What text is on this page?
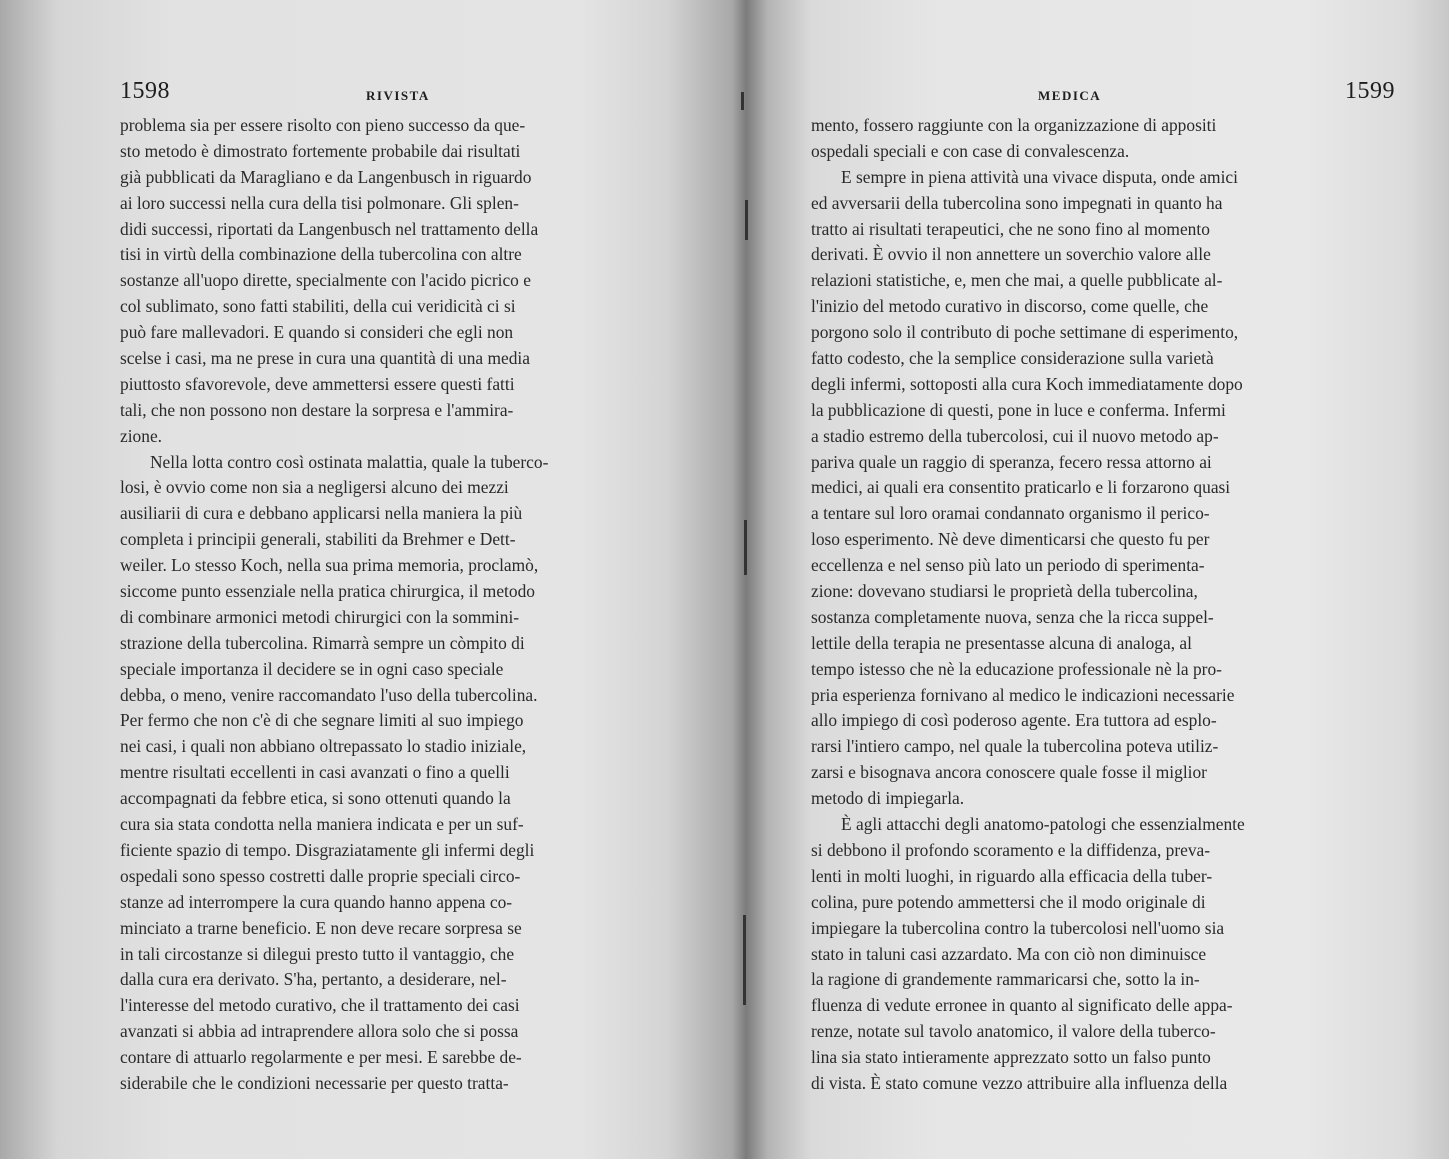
1598	RIVISTA
problema sia per essere risolto con pieno successo da que-
sto metodo è dimostrato fortemente probabile dai risultati
già pubblicati da Maragliano e da Langenbusch in riguardo
ai loro successi nella cura della tisi polmonare. Gli splen-
didi successi, riportati da Langenbusch nel trattamento della
tisi in virtù della combinazione della tubercolina con altre
sostanze all'uopo dirette, specialmente con l'acido picrico e
col sublimato, sono fatti stabiliti, della cui veridicità ci si
può fare mallevadori. E quando si consideri che egli non
scelse i casi, ma ne prese in cura una quantità di una media
piuttosto sfavorevole, deve ammettersi essere questi fatti
tali, che non possono non destare la sorpresa e l'ammira-
zione.
Nella lotta contro così ostinata malattia, quale la tuberco-
losi, è ovvio come non sia a negligersi alcuno dei mezzi
ausiliarii di cura e debbano applicarsi nella maniera la più
completa i principii generali, stabiliti da Brehmer e Dett-
weiler. Lo stesso Koch, nella sua prima memoria, proclamò,
siccome punto essenziale nella pratica chirurgica, il metodo
di combinare armonici metodi chirurgici con la sommini-
strazione della tubercolina. Rimarrà sempre un còmpito di
speciale importanza il decidere se in ogni caso speciale
debba, o meno, venire raccomandato l'uso della tubercolina.
Per fermo che non c'è di che segnare limiti al suo impiego
nei casi, i quali non abbiano oltrepassato lo stadio iniziale,
mentre risultati eccellenti in casi avanzati o fino a quelli
accompagnati da febbre etica, si sono ottenuti quando la
cura sia stata condotta nella maniera indicata e per un suf-
ficiente spazio di tempo. Disgraziatamente gli infermi degli
ospedali sono spesso costretti dalle proprie speciali circo-
stanze ad interrompere la cura quando hanno appena co-
minciato a trarne beneficio. E non deve recare sorpresa se
in tali circostanze si dilegui presto tutto il vantaggio, che
dalla cura era derivato. S'ha, pertanto, a desiderare, nel-
l'interesse del metodo curativo, che il trattamento dei casi
avanzati si abbia ad intraprendere allora solo che si possa
contare di attuarlo regolarmente e per mesi. E sarebbe de-
siderabile che le condizioni necessarie per questo tratta-
MEDICA	1599
mento, fossero raggiunte con la organizzazione di appositi
ospedali speciali e con case di convalescenza.
E sempre in piena attività una vivace disputa, onde amici
ed avversarii della tubercolina sono impegnati in quanto ha
tratto ai risultati terapeutici, che ne sono fino al momento
derivati. È ovvio il non annettere un soverchio valore alle
relazioni statistiche, e, men che mai, a quelle pubblicate al-
l'inizio del metodo curativo in discorso, come quelle, che
porgono solo il contributo di poche settimane di esperimento,
fatto codesto, che la semplice considerazione sulla varietà
degli infermi, sottoposti alla cura Koch immediatamente dopo
la pubblicazione di questi, pone in luce e conferma. Infermi
a stadio estremo della tubercolosi, cui il nuovo metodo ap-
pariva quale un raggio di speranza, fecero ressa attorno ai
medici, ai quali era consentito praticarlo e li forzarono quasi
a tentare sul loro oramai condannato organismo il perico-
loso esperimento. Nè deve dimenticarsi che questo fu per
eccellenza e nel senso più lato un periodo di sperimenta-
zione: dovevano studiarsi le proprietà della tubercolina,
sostanza completamente nuova, senza che la ricca suppel-
lettile della terapia ne presentasse alcuna di analoga, al
tempo istesso che nè la educazione professionale nè la pro-
pria esperienza fornivano al medico le indicazioni necessarie
allo impiego di così poderoso agente. Era tuttora ad esplo-
rarsi l'intiero campo, nel quale la tubercolina poteva utiliz-
zarsi e bisognava ancora conoscere quale fosse il miglior
metodo di impiegarla.
È agli attacchi degli anatomo-patologi che essenzialmente
si debbono il profondo scoramento e la diffidenza, preva-
lenti in molti luoghi, in riguardo alla efficacia della tuber-
colina, pure potendo ammettersi che il modo originale di
impiegare la tubercolina contro la tubercolosi nell'uomo sia
stato in taluni casi azzardato. Ma con ciò non diminuisce
la ragione di grandemente rammaricarsi che, sotto la in-
fluenza di vedute erronee in quanto al significato delle appa-
renze, notate sul tavolo anatomico, il valore della tuberco-
lina sia stato intieramente apprezzato sotto un falso punto
di vista. È stato comune vezzo attribuire alla influenza della
